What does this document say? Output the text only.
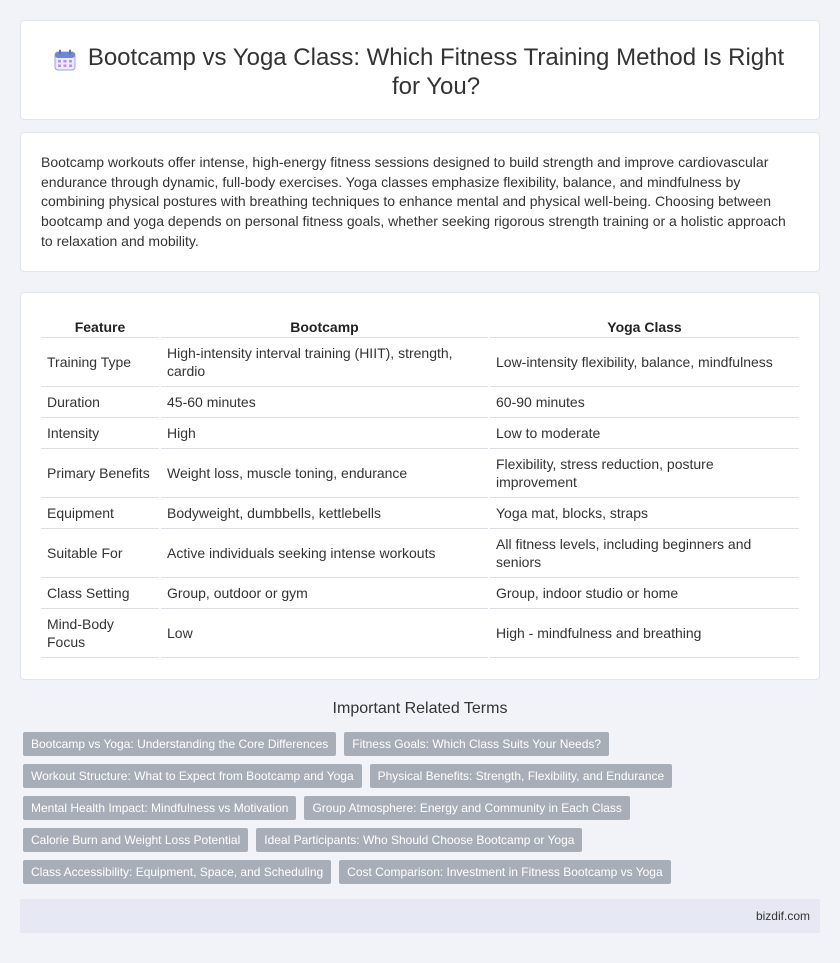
Bootcamp vs Yoga Class: Which Fitness Training Method Is Right for You?

Bootcamp workouts offer intense, high-energy fitness sessions designed to build strength and improve cardiovascular endurance through dynamic, full-body exercises. Yoga classes emphasize flexibility, balance, and mindfulness by combining physical postures with breathing techniques to enhance mental and physical well-being. Choosing between bootcamp and yoga depends on personal fitness goals, whether seeking rigorous strength training or a holistic approach to relaxation and mobility.

Feature	Bootcamp	Yoga Class
Training Type	High-intensity interval training (HIIT), strength, cardio	Low-intensity flexibility, balance, mindfulness
Duration	45-60 minutes	60-90 minutes
Intensity	High	Low to moderate
Primary Benefits	Weight loss, muscle toning, endurance	Flexibility, stress reduction, posture improvement
Equipment	Bodyweight, dumbbells, kettlebells	Yoga mat, blocks, straps
Suitable For	Active individuals seeking intense workouts	All fitness levels, including beginners and seniors
Class Setting	Group, outdoor or gym	Group, indoor studio or home
Mind-Body Focus	Low	High - mindfulness and breathing
Important Related Terms
Bootcamp vs Yoga: Understanding the Core Differences	Fitness Goals: Which Class Suits Your Needs?
Workout Structure: What to Expect from Bootcamp and Yoga	Physical Benefits: Strength, Flexibility, and Endurance
Mental Health Impact: Mindfulness vs Motivation	Group Atmosphere: Energy and Community in Each Class
Calorie Burn and Weight Loss Potential	Ideal Participants: Who Should Choose Bootcamp or Yoga
Class Accessibility: Equipment, Space, and Scheduling	Cost Comparison: Investment in Fitness Bootcamp vs Yoga
bizdif.com
